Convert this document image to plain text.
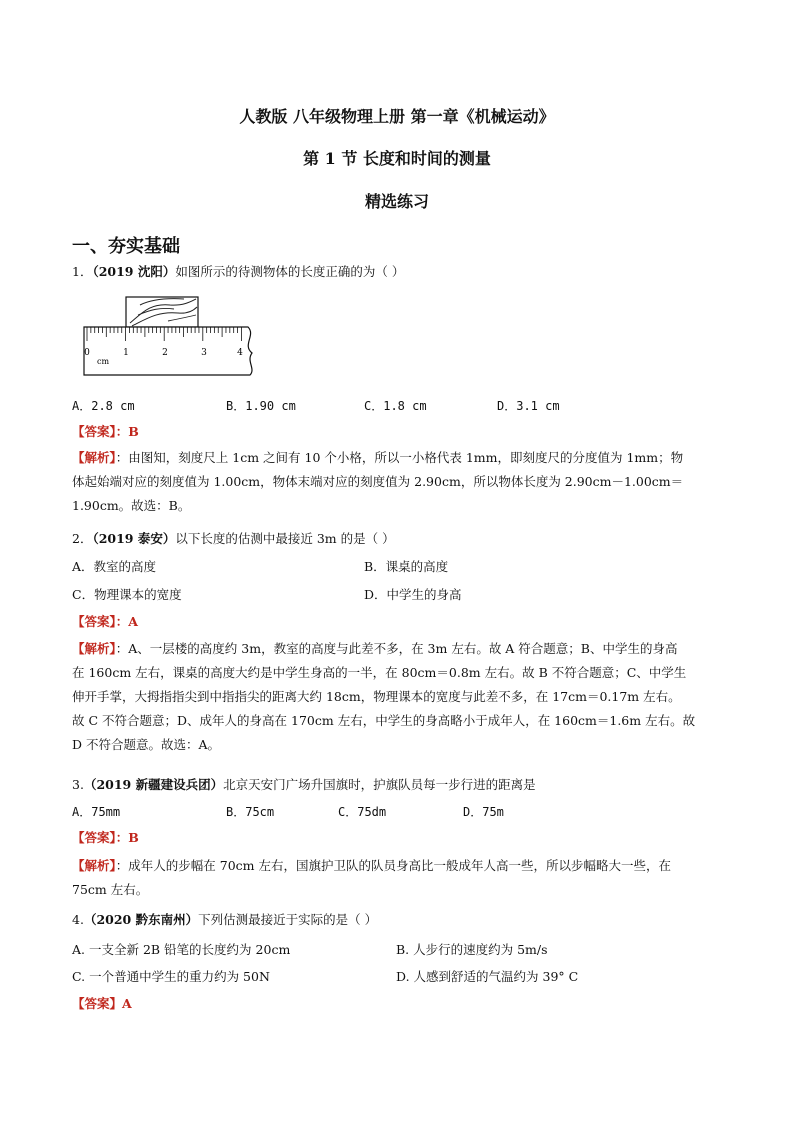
人教版 八年级物理上册 第一章《机械运动》
第 1 节 长度和时间的测量
精选练习
一、夯实基础
1．（2019 沈阳）如图所示的待测物体的长度正确的为（ ）
0	1	2	3	4
cm
A．2.8 cm	B．1.90 cm	C．1.8 cm	D．3.1 cm
【答案】：B
【解析】：由图知，刻度尺上 1cm 之间有 10 个小格，所以一小格代表 1mm，即刻度尺的分度值为 1mm；物
体起始端对应的刻度值为 1.00cm，物体末端对应的刻度值为 2.90cm，所以物体长度为 2.90cm－1.00cm＝
1.90cm。故选：B。
2．（2019 泰安）以下长度的估测中最接近 3m 的是（ ）
A．教室的高度	B．课桌的高度
C．物理课本的宽度	D．中学生的身高
【答案】：A
【解析】：A、一层楼的高度约 3m，教室的高度与此差不多，在 3m 左右。故 A 符合题意；B、中学生的身高
在 160cm 左右，课桌的高度大约是中学生身高的一半，在 80cm＝0.8m 左右。故 B 不符合题意；C、中学生
伸开手掌，大拇指指尖到中指指尖的距离大约 18cm，物理课本的宽度与此差不多，在 17cm＝0.17m 左右。
故 C 不符合题意；D、成年人的身高在 170cm 左右，中学生的身高略小于成年人，在 160cm＝1.6m 左右。故
D 不符合题意。故选：A。
3.（2019 新疆建设兵团）北京天安门广场升国旗时，护旗队员每一步行进的距离是
A．75mm	B．75cm	C．75dm	D．75m
【答案】：B
【解析】：成年人的步幅在 70cm 左右，国旗护卫队的队员身高比一般成年人高一些，所以步幅略大一些，在
75cm 左右。
4.（2020 黔东南州）下列估测最接近于实际的是（ ）
A. 一支全新 2B 铅笔的长度约为 20cm	B. 人步行的速度约为 5m/s
C. 一个普通中学生的重力约为 50N	D. 人感到舒适的气温约为 39° C
【答案】A
